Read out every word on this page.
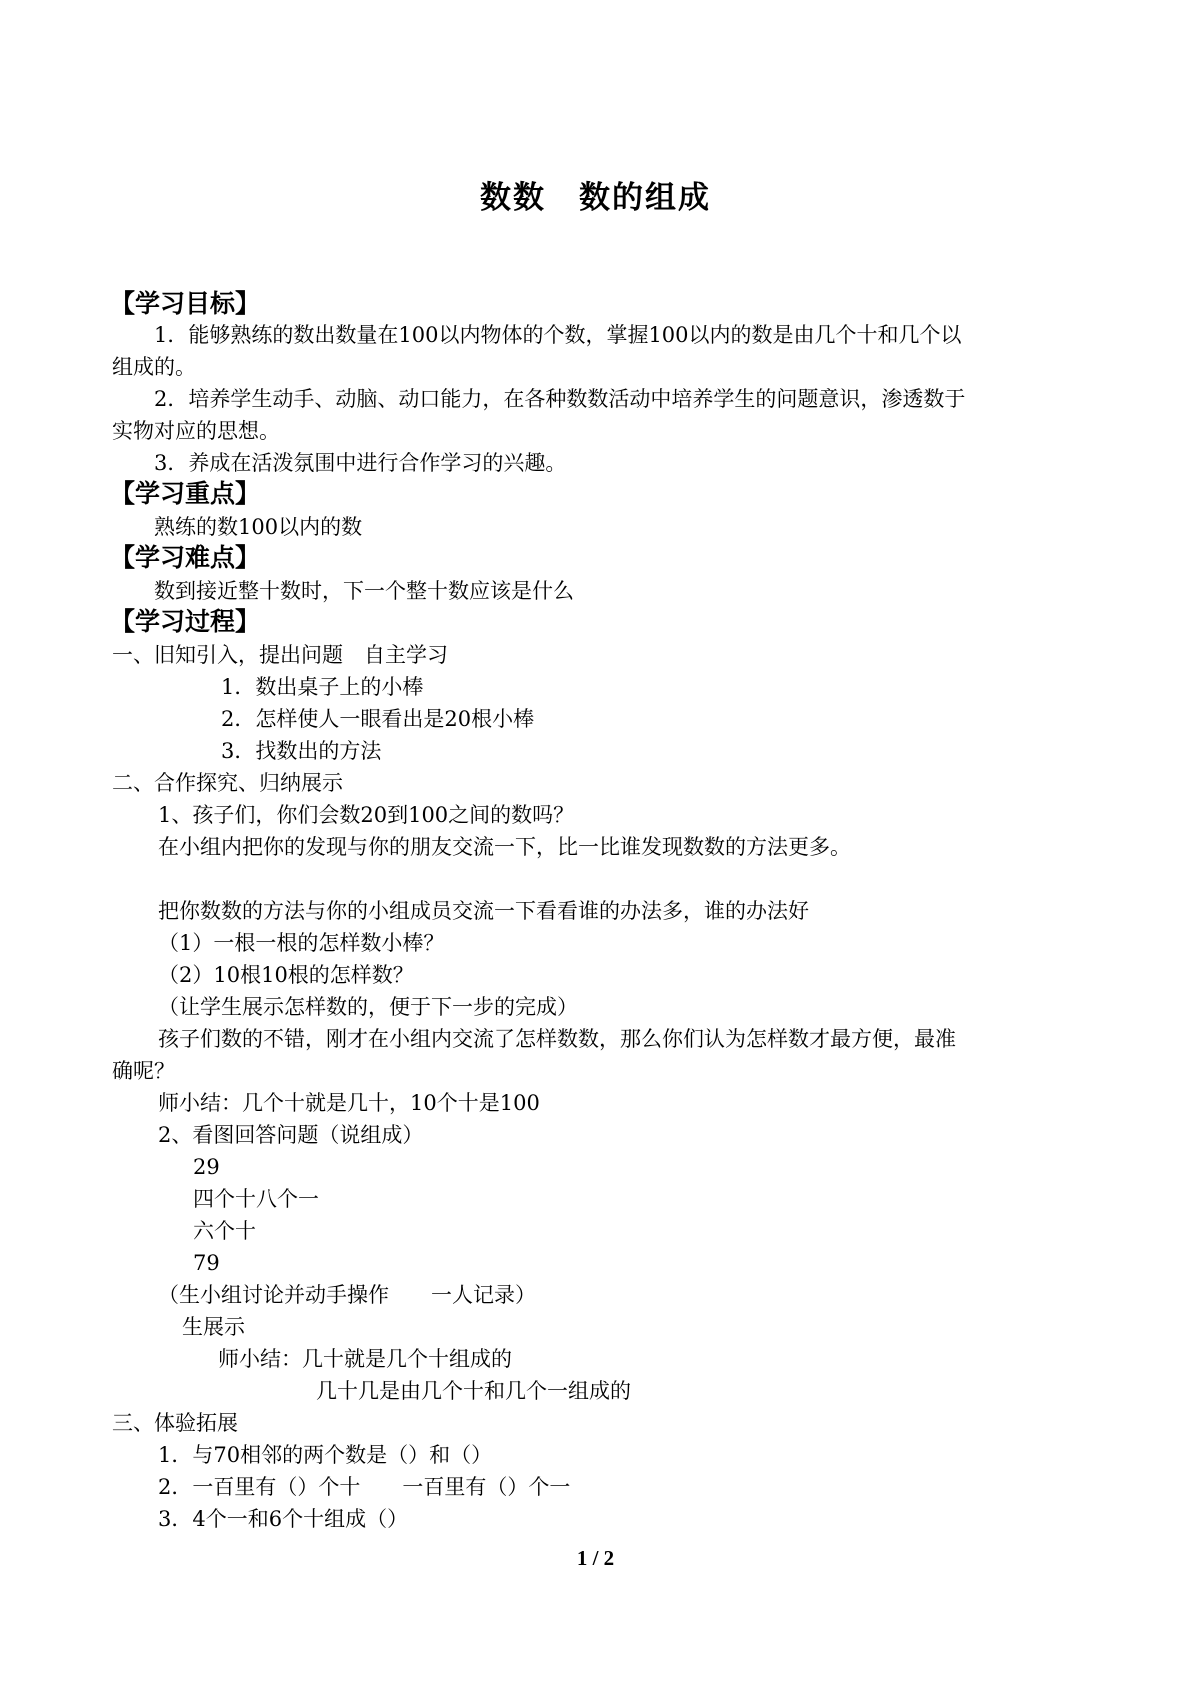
数数　数的组成
【学习目标】
　　1．能够熟练的数出数量在100以内物体的个数，掌握100以内的数是由几个十和几个以
组成的。
　　2．培养学生动手、动脑、动口能力，在各种数数活动中培养学生的问题意识，渗透数于
实物对应的思想。
　　3．养成在活泼氛围中进行合作学习的兴趣。
【学习重点】
　　熟练的数100以内的数
【学习难点】
　　数到接近整十数时，下一个整十数应该是什么
【学习过程】
一、旧知引入，提出问题　自主学习
1．数出桌子上的小棒
2．怎样使人一眼看出是20根小棒
3．找数出的方法
二、合作探究、归纳展示
1、孩子们，你们会数20到100之间的数吗？
在小组内把你的发现与你的朋友交流一下，比一比谁发现数数的方法更多。
把你数数的方法与你的小组成员交流一下看看谁的办法多，谁的办法好
（1）一根一根的怎样数小棒？
（2）10根10根的怎样数？
（让学生展示怎样数的，便于下一步的完成）
孩子们数的不错，刚才在小组内交流了怎样数数，那么你们认为怎样数才最方便，最准
确呢？
师小结：几个十就是几十，10个十是100
2、看图回答问题（说组成）
29
四个十八个一
六个十
79
（生小组讨论并动手操作　　一人记录）
生展示
师小结：几十就是几个十组成的
几十几是由几个十和几个一组成的
三、体验拓展
1．与70相邻的两个数是（）和（）
2．一百里有（）个十　　一百里有（）个一
3．4个一和6个十组成（）
1 / 2
